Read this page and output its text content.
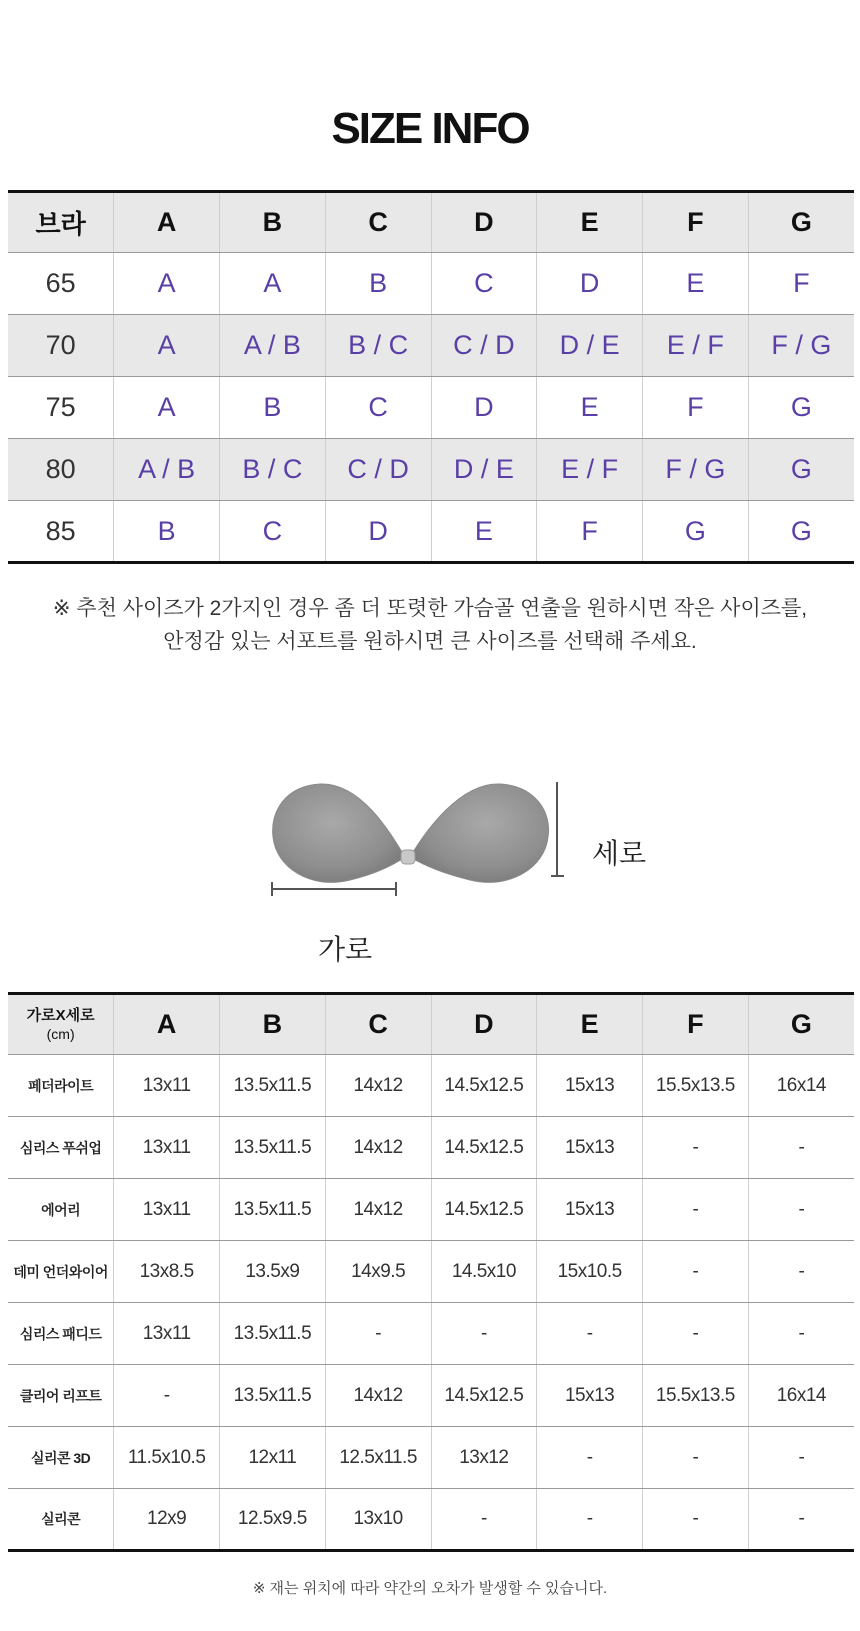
SIZE INFO
브라	A	B	C	D	E	F	G
65	A	A	B	C	D	E	F
70	A	A / B	B / C	C / D	D / E	E / F	F / G
75	A	B	C	D	E	F	G
80	A / B	B / C	C / D	D / E	E / F	F / G	G
85	B	C	D	E	F	G	G
※ 추천 사이즈가 2가지인 경우 좀 더 또렷한 가슴골 연출을 원하시면 작은 사이즈를,
안정감 있는 서포트를 원하시면 큰 사이즈를 선택해 주세요.
가로
세로
가로X세로
(cm)	A	B	C	D	E	F	G
페더라이트	13x11	13.5x11.5	14x12	14.5x12.5	15x13	15.5x13.5	16x14
심리스 푸쉬업	13x11	13.5x11.5	14x12	14.5x12.5	15x13	-	-
에어리	13x11	13.5x11.5	14x12	14.5x12.5	15x13	-	-
데미 언더와이어	13x8.5	13.5x9	14x9.5	14.5x10	15x10.5	-	-
심리스 패디드	13x11	13.5x11.5	-	-	-	-	-
클리어 리프트	-	13.5x11.5	14x12	14.5x12.5	15x13	15.5x13.5	16x14
실리콘 3D	11.5x10.5	12x11	12.5x11.5	13x12	-	-	-
실리콘	12x9	12.5x9.5	13x10	-	-	-	-
※ 재는 위치에 따라 약간의 오차가 발생할 수 있습니다.
